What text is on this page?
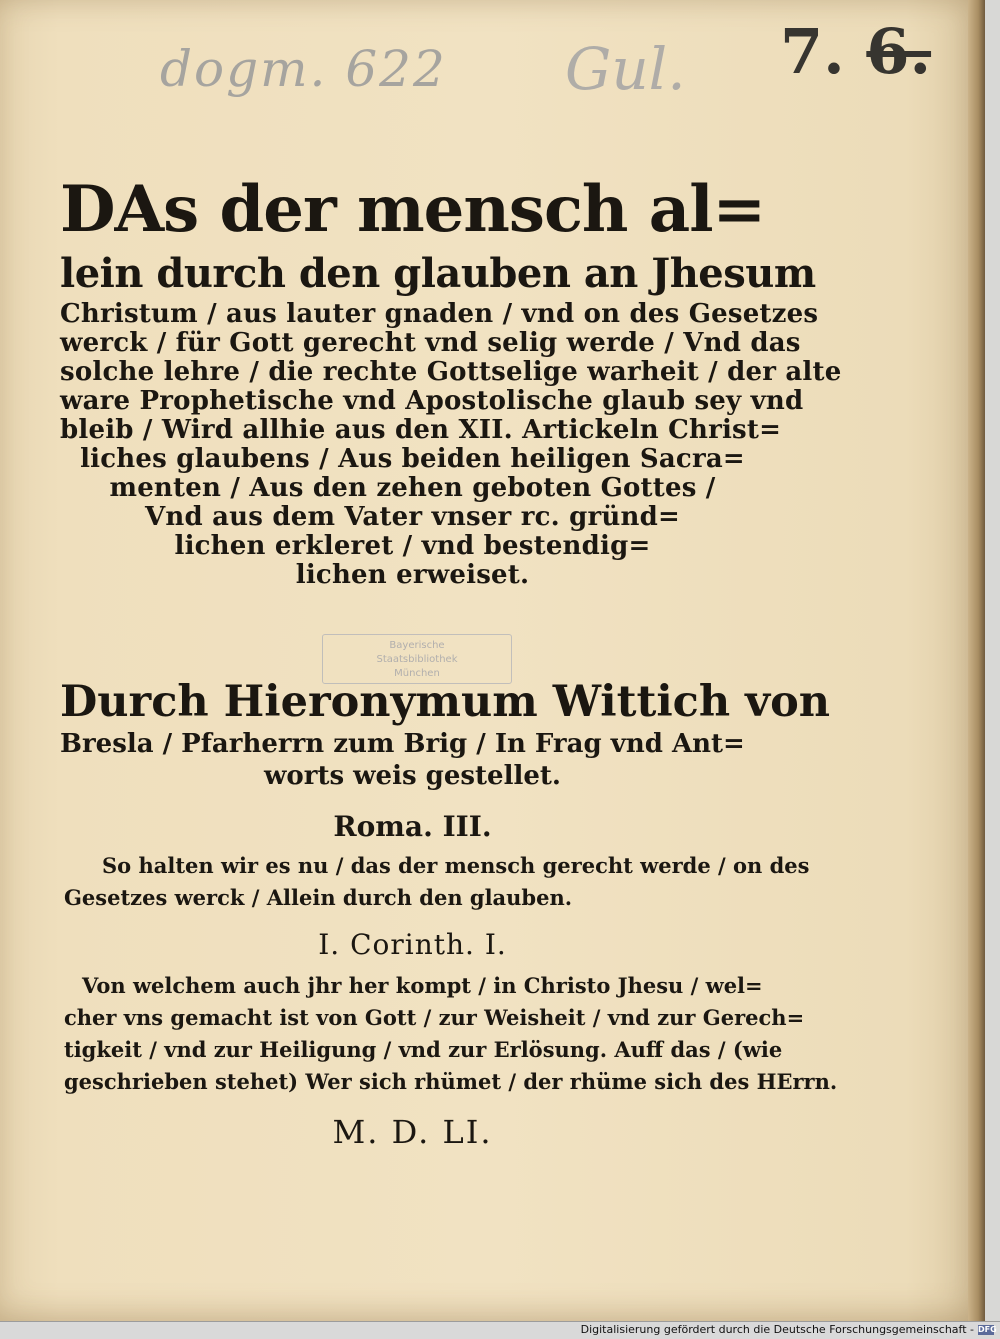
dogm. 622 Gul. 7. 6.
DAs der mensch al=
lein durch den glauben an Jhesum
Christum / aus lauter gnaden / vnd on des Gesetzes
werck / für Gott gerecht vnd selig werde / Vnd das
solche lehre / die rechte Gottselige warheit / der alte
ware Prophetische vnd Apostolische glaub sey vnd
bleib / Wird allhie aus den XII. Artickeln Christ=
liches glaubens / Aus beiden heiligen Sacra=
menten / Aus den zehen geboten Gottes /
Vnd aus dem Vater vnser rc. gründ=
lichen erkleret / vnd bestendig=
lichen erweiset.
Bayerische
Staatsbibliothek
München
Durch Hieronymum Wittich von
Bresla / Pfarherrn zum Brig / In Frag vnd Ant=
worts weis gestellet.
Roma. III.
So halten wir es nu / das der mensch gerecht werde / on des
Gesetzes werck / Allein durch den glauben.
I. Corinth. I.
Von welchem auch jhr her kompt / in Christo Jhesu / wel=
cher vns gemacht ist von Gott / zur Weisheit / vnd zur Gerech=
tigkeit / vnd zur Heiligung / vnd zur Erlösung. Auff das / (wie
geschrieben stehet) Wer sich rhümet / der rhüme sich des HErrn.
M. D. LI.
Digitalisierung gefördert durch die Deutsche Forschungsgemeinschaft - DFG
